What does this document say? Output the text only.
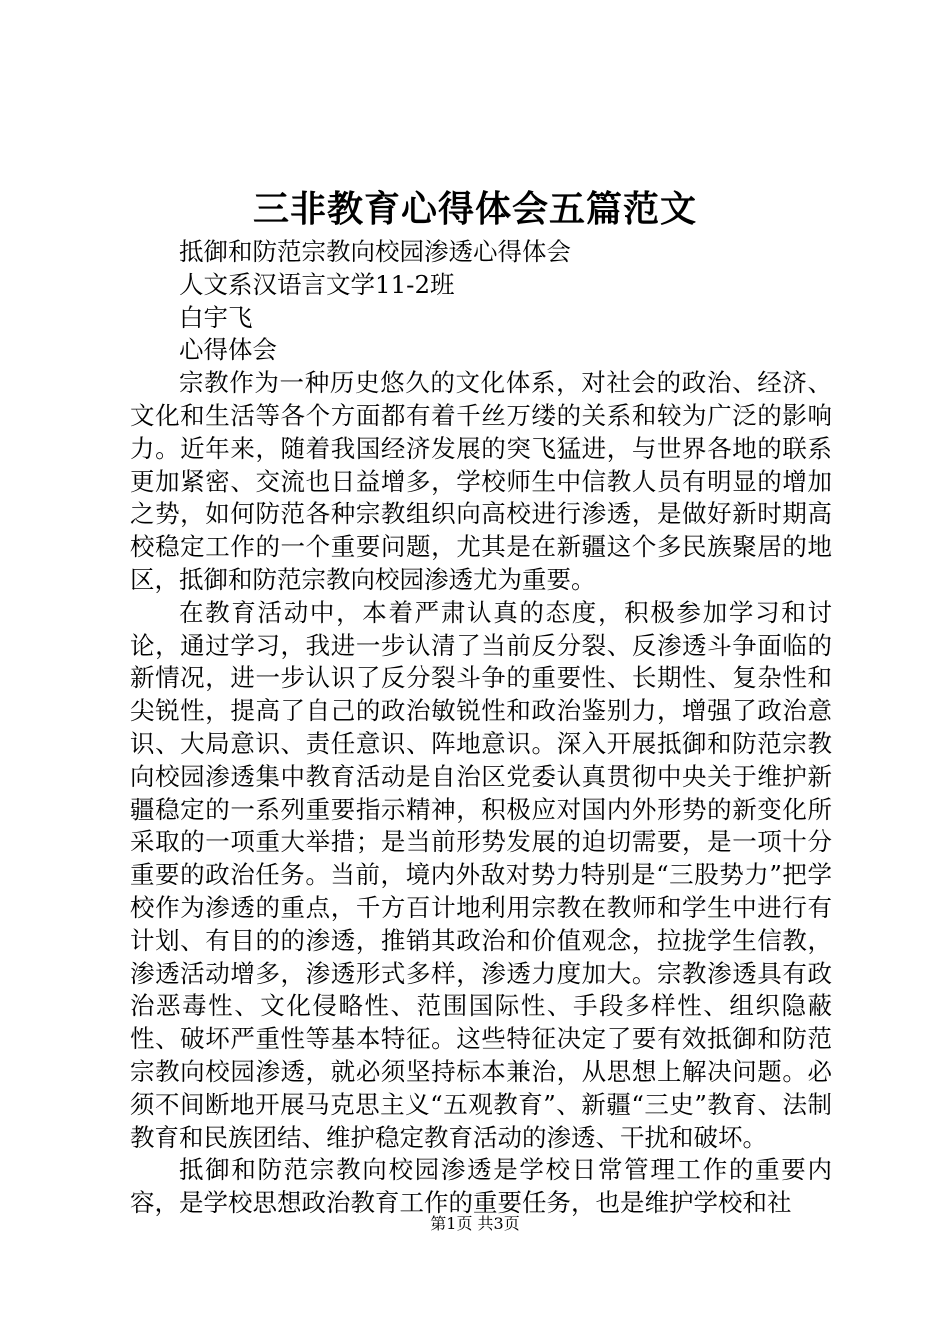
三非教育心得体会五篇范文
抵御和防范宗教向校园渗透心得体会
人文系汉语言文学11-2班
白宇飞
心得体会

宗教作为一种历史悠久的文化体系，对社会的政治、经济、文化和生活等各个方面都有着千丝万缕的关系和较为广泛的影响力。近年来，随着我国经济发展的突飞猛进，与世界各地的联系更加紧密、交流也日益增多，学校师生中信教人员有明显的增加之势，如何防范各种宗教组织向高校进行渗透，是做好新时期高校稳定工作的一个重要问题，尤其是在新疆这个多民族聚居的地区，抵御和防范宗教向校园渗透尤为重要。

在教育活动中，本着严肃认真的态度，积极参加学习和讨论，通过学习，我进一步认清了当前反分裂、反渗透斗争面临的新情况，进一步认识了反分裂斗争的重要性、长期性、复杂性和尖锐性，提高了自己的政治敏锐性和政治鉴别力，增强了政治意识、大局意识、责任意识、阵地意识。深入开展抵御和防范宗教向校园渗透集中教育活动是自治区党委认真贯彻中央关于维护新疆稳定的一系列重要指示精神，积极应对国内外形势的新变化所采取的一项重大举措；是当前形势发展的迫切需要，是一项十分重要的政治任务。当前，境内外敌对势力特别是“三股势力”把学校作为渗透的重点，千方百计地利用宗教在教师和学生中进行有计划、有目的的渗透，推销其政治和价值观念，拉拢学生信教，渗透活动增多，渗透形式多样，渗透力度加大。宗教渗透具有政治恶毒性、文化侵略性、范围国际性、手段多样性、组织隐蔽性、破坏严重性等基本特征。这些特征决定了要有效抵御和防范宗教向校园渗透，就必须坚持标本兼治，从思想上解决问题。必须不间断地开展马克思主义“五观教育”、新疆“三史”教育、法制教育和民族团结、维护稳定教育活动的渗透、干扰和破坏。

抵御和防范宗教向校园渗透是学校日常管理工作的重要内容，是学校思想政治教育工作的重要任务，也是维护学校和社

第1页 共3页
